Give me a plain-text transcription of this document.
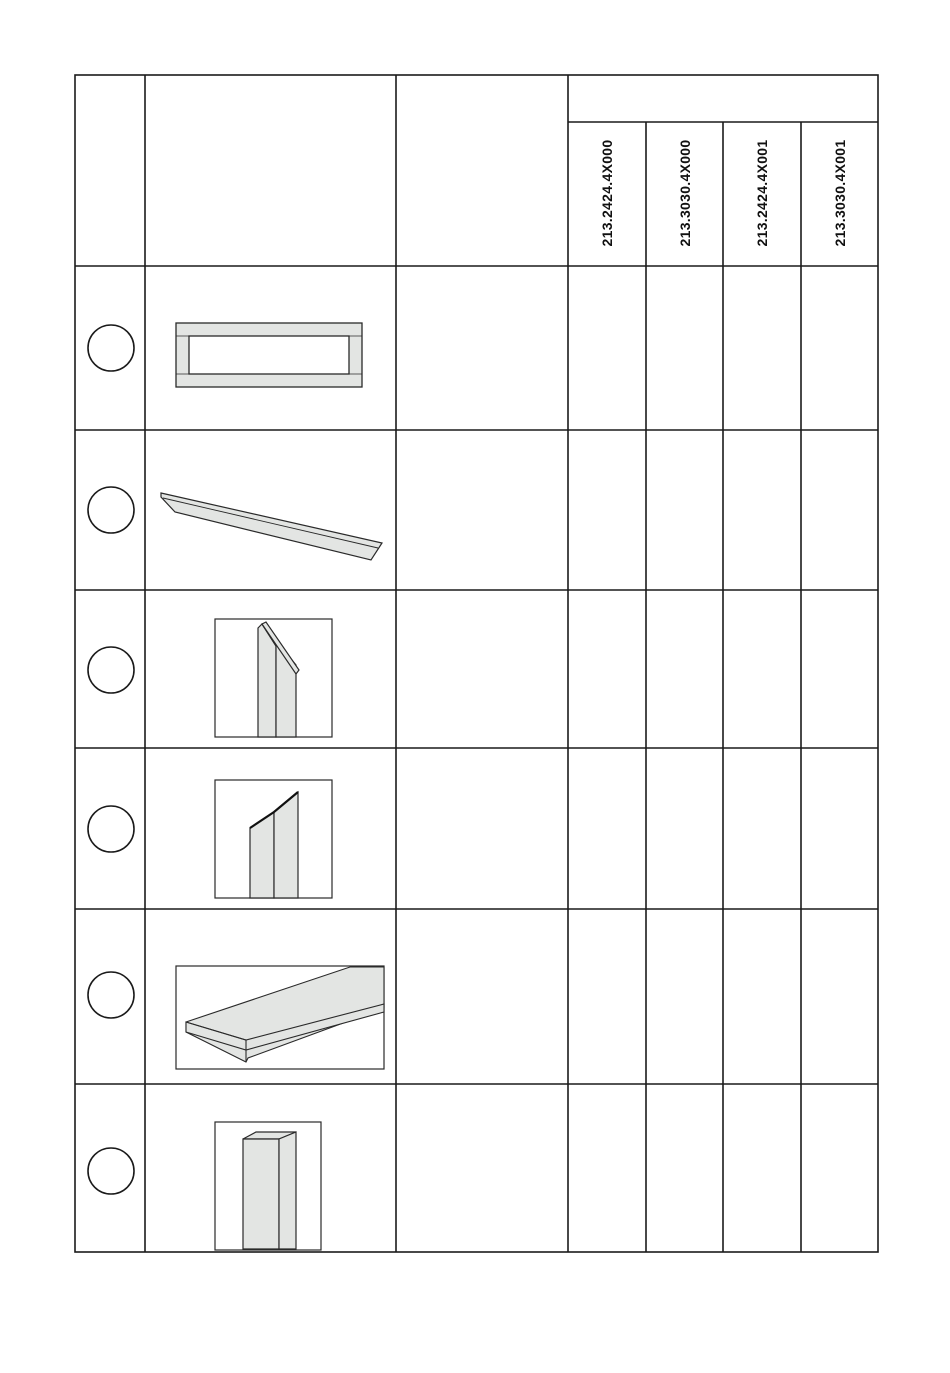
213.2424.4X000	213.3030.4X000	213.2424.4X001	213.3030.4X001
